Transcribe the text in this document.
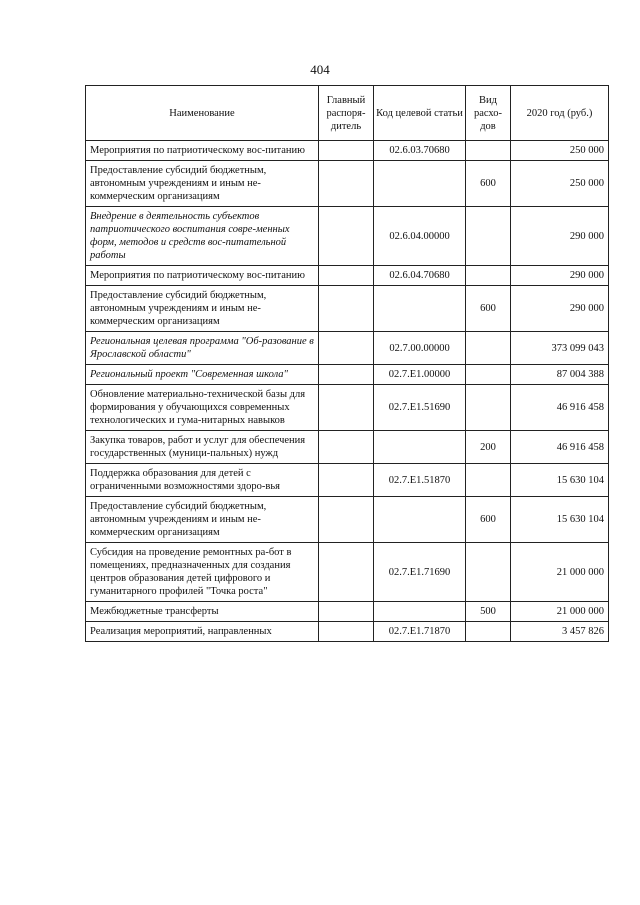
404
Наименование	Главный распоря-дитель	Код целевой статьи	Вид расхо-дов	2020 год (руб.)
Мероприятия по патриотическому вос-питанию		02.6.03.70680		250 000
Предоставление субсидий бюджетным, автономным учреждениям и иным не-коммерческим организациям			600	250 000
Внедрение в деятельность субъектов патриотического воспитания совре-менных форм, методов и средств вос-питательной работы		02.6.04.00000		290 000
Мероприятия по патриотическому вос-питанию		02.6.04.70680		290 000
Предоставление субсидий бюджетным, автономным учреждениям и иным не-коммерческим организациям			600	290 000
Региональная целевая программа "Об-разование в Ярославской области"		02.7.00.00000		373 099 043
Региональный проект "Современная школа"		02.7.E1.00000		87 004 388
Обновление материально-технической базы для формирования у обучающихся современных технологических и гума-нитарных навыков		02.7.E1.51690		46 916 458
Закупка товаров, работ и услуг для обеспечения государственных (муници-пальных) нужд			200	46 916 458
Поддержка образования для детей с ограниченными возможностями здоро-вья		02.7.E1.51870		15 630 104
Предоставление субсидий бюджетным, автономным учреждениям и иным не-коммерческим организациям			600	15 630 104
Субсидия на проведение ремонтных ра-бот в помещениях, предназначенных для создания центров образования детей цифрового и гуманитарного профилей "Точка роста"		02.7.E1.71690		21 000 000
Межбюджетные трансферты			500	21 000 000
Реализация мероприятий, направленных		02.7.E1.71870		3 457 826
